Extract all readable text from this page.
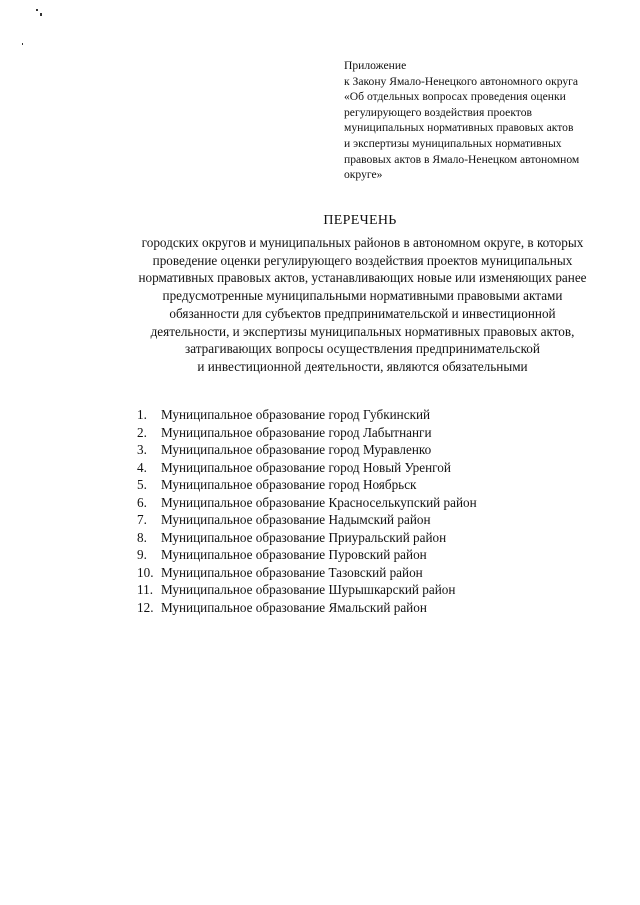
Приложение
к Закону Ямало-Ненецкого автономного округа
«Об отдельных вопросах проведения оценки
регулирующего воздействия проектов
муниципальных нормативных правовых актов
и экспертизы муниципальных нормативных
правовых актов в Ямало-Ненецком автономном
округе»
ПЕРЕЧЕНЬ
городских округов и муниципальных районов в автономном округе, в которых
проведение оценки регулирующего воздействия проектов муниципальных
нормативных правовых актов, устанавливающих новые или изменяющих ранее
предусмотренные муниципальными нормативными правовыми актами
обязанности для субъектов предпринимательской и инвестиционной
деятельности, и экспертизы муниципальных нормативных правовых актов,
затрагивающих вопросы осуществления предпринимательской
и инвестиционной деятельности, являются обязательными
1.	Муниципальное образование город Губкинский
2.	Муниципальное образование город Лабытнанги
3.	Муниципальное образование город Муравленко
4.	Муниципальное образование город Новый Уренгой
5.	Муниципальное образование город Ноябрьск
6.	Муниципальное образование Красноселькупский район
7.	Муниципальное образование Надымский район
8.	Муниципальное образование Приуральский район
9.	Муниципальное образование Пуровский район
10. Муниципальное образование Тазовский район
11. Муниципальное образование Шурышкарский район
12. Муниципальное образование Ямальский район
